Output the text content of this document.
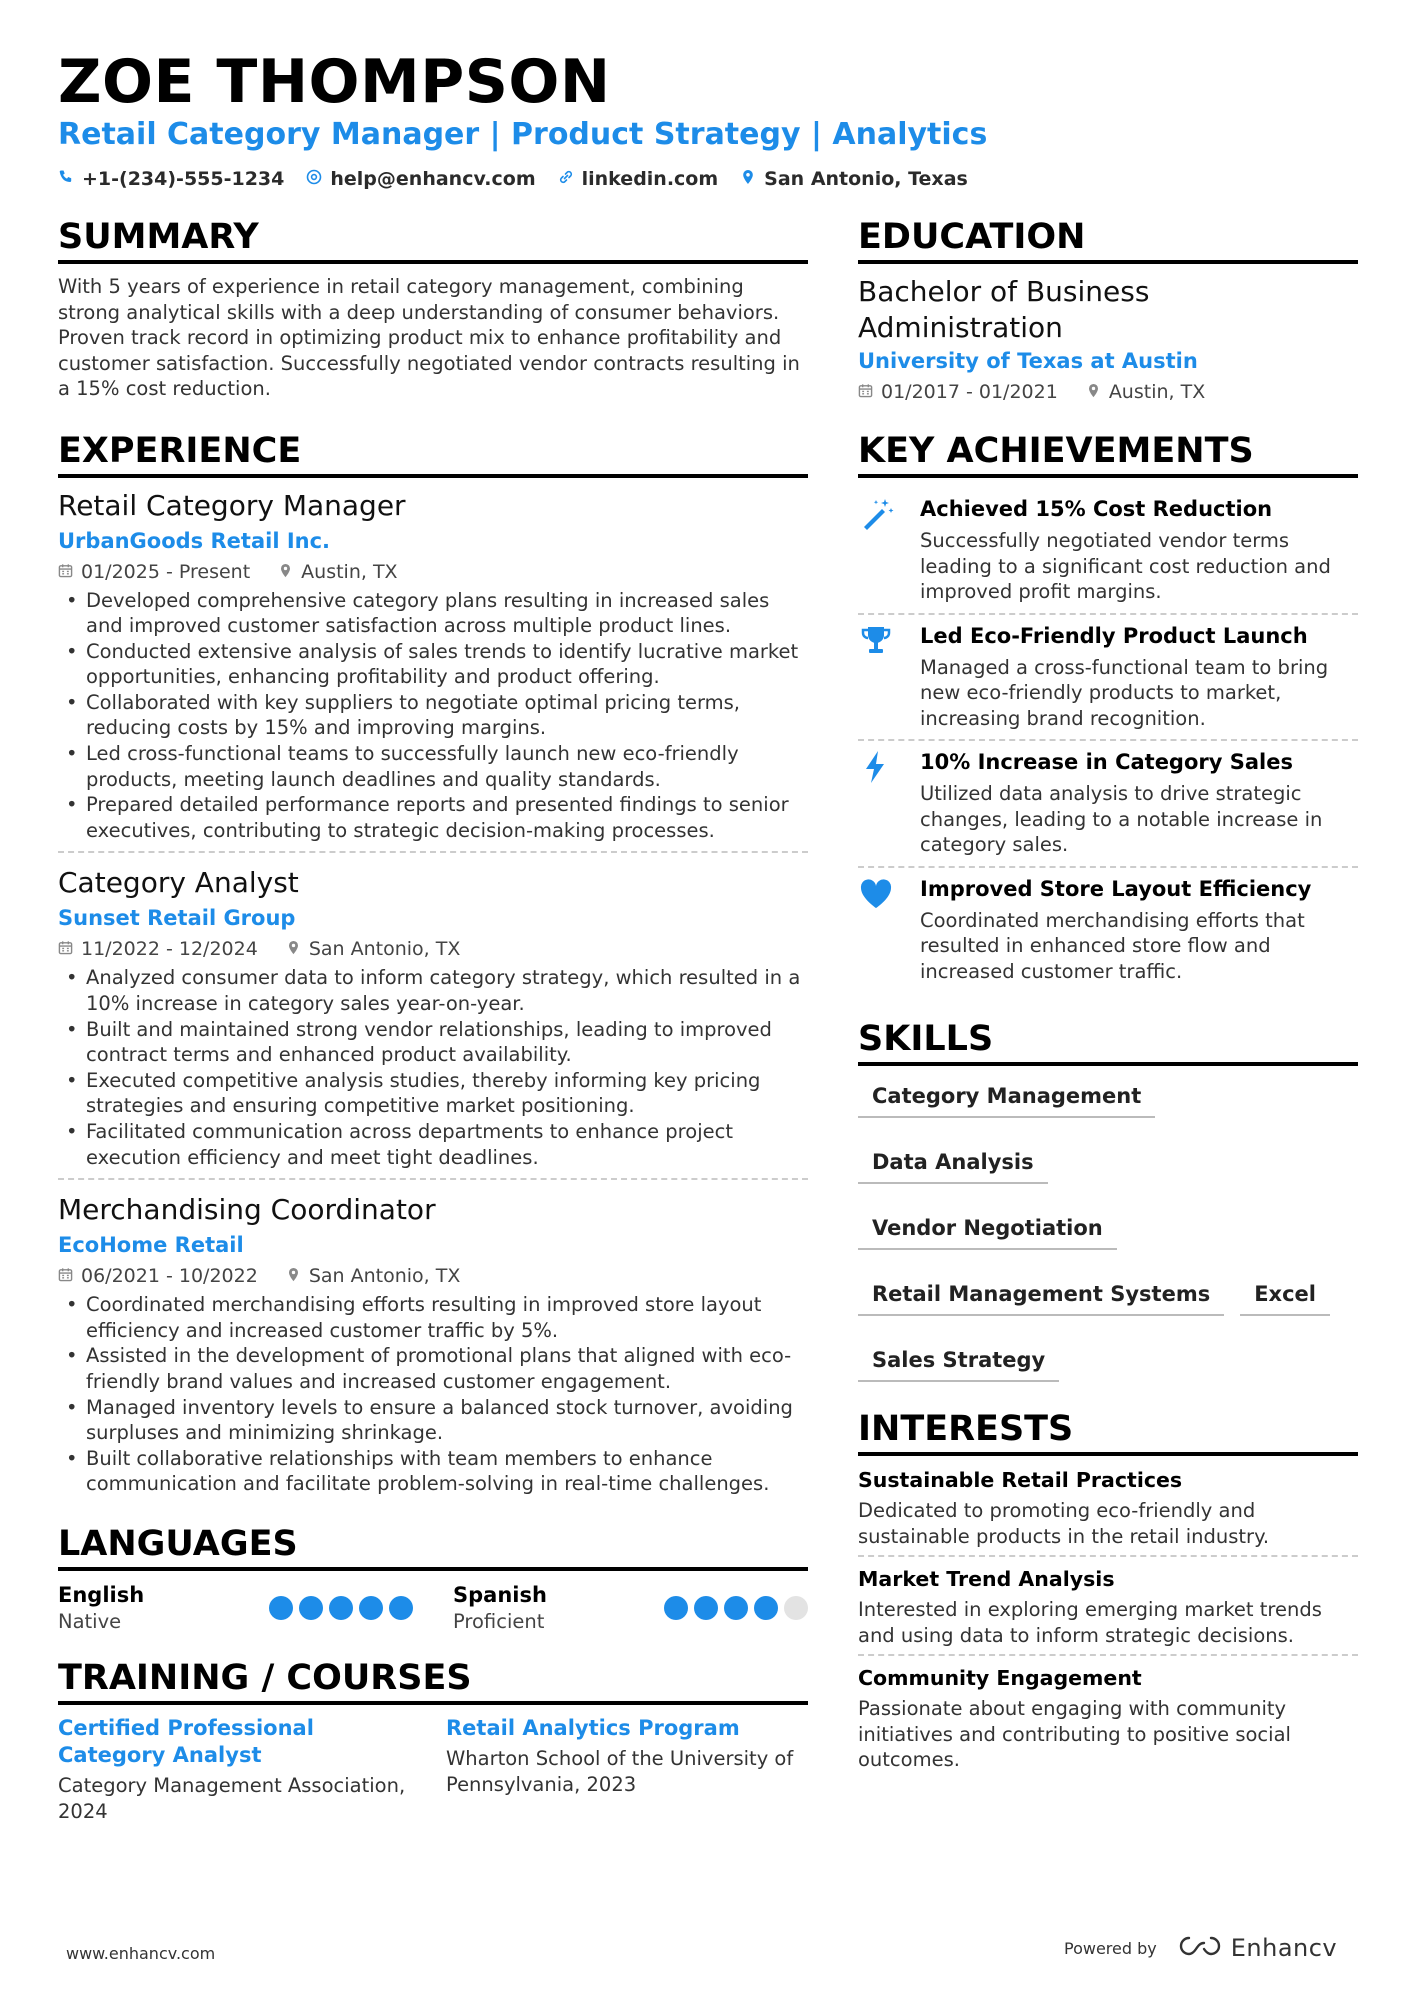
ZOE THOMPSON
Retail Category Manager | Product Strategy | Analytics
+1-(234)-555-1234 help@enhancv.com linkedin.com San Antonio, Texas
SUMMARY
With 5 years of experience in retail category management, combining strong analytical skills with a deep understanding of consumer behaviors. Proven track record in optimizing product mix to enhance profitability and customer satisfaction. Successfully negotiated vendor contracts resulting in a 15% cost reduction.
EXPERIENCE
Retail Category Manager
UrbanGoods Retail Inc.
01/2025 - Present	Austin, TX
• Developed comprehensive category plans resulting in increased sales and improved customer satisfaction across multiple product lines.
• Conducted extensive analysis of sales trends to identify lucrative market opportunities, enhancing profitability and product offering.
• Collaborated with key suppliers to negotiate optimal pricing terms, reducing costs by 15% and improving margins.
• Led cross-functional teams to successfully launch new eco-friendly products, meeting launch deadlines and quality standards.
• Prepared detailed performance reports and presented findings to senior executives, contributing to strategic decision-making processes.
Category Analyst
Sunset Retail Group
11/2022 - 12/2024	San Antonio, TX
• Analyzed consumer data to inform category strategy, which resulted in a 10% increase in category sales year-on-year.
• Built and maintained strong vendor relationships, leading to improved contract terms and enhanced product availability.
• Executed competitive analysis studies, thereby informing key pricing strategies and ensuring competitive market positioning.
• Facilitated communication across departments to enhance project execution efficiency and meet tight deadlines.
Merchandising Coordinator
EcoHome Retail
06/2021 - 10/2022	San Antonio, TX
• Coordinated merchandising efforts resulting in improved store layout efficiency and increased customer traffic by 5%.
• Assisted in the development of promotional plans that aligned with eco-friendly brand values and increased customer engagement.
• Managed inventory levels to ensure a balanced stock turnover, avoiding surpluses and minimizing shrinkage.
• Built collaborative relationships with team members to enhance communication and facilitate problem-solving in real-time challenges.
LANGUAGES
English
Native
Spanish
Proficient
TRAINING / COURSES
Certified Professional Category Analyst
Category Management Association, 2024
Retail Analytics Program
Wharton School of the University of Pennsylvania, 2023
EDUCATION
Bachelor of Business Administration
University of Texas at Austin
01/2017 - 01/2021	Austin, TX
KEY ACHIEVEMENTS
Achieved 15% Cost Reduction
Successfully negotiated vendor terms leading to a significant cost reduction and improved profit margins.
Led Eco-Friendly Product Launch
Managed a cross-functional team to bring new eco-friendly products to market, increasing brand recognition.
10% Increase in Category Sales
Utilized data analysis to drive strategic changes, leading to a notable increase in category sales.
Improved Store Layout Efficiency
Coordinated merchandising efforts that resulted in enhanced store flow and increased customer traffic.
SKILLS
Category Management
Data Analysis
Vendor Negotiation
Retail Management Systems	Excel
Sales Strategy
INTERESTS
Sustainable Retail Practices
Dedicated to promoting eco-friendly and sustainable products in the retail industry.
Market Trend Analysis
Interested in exploring emerging market trends and using data to inform strategic decisions.
Community Engagement
Passionate about engaging with community initiatives and contributing to positive social outcomes.
www.enhancv.com	Powered by	Enhancv
